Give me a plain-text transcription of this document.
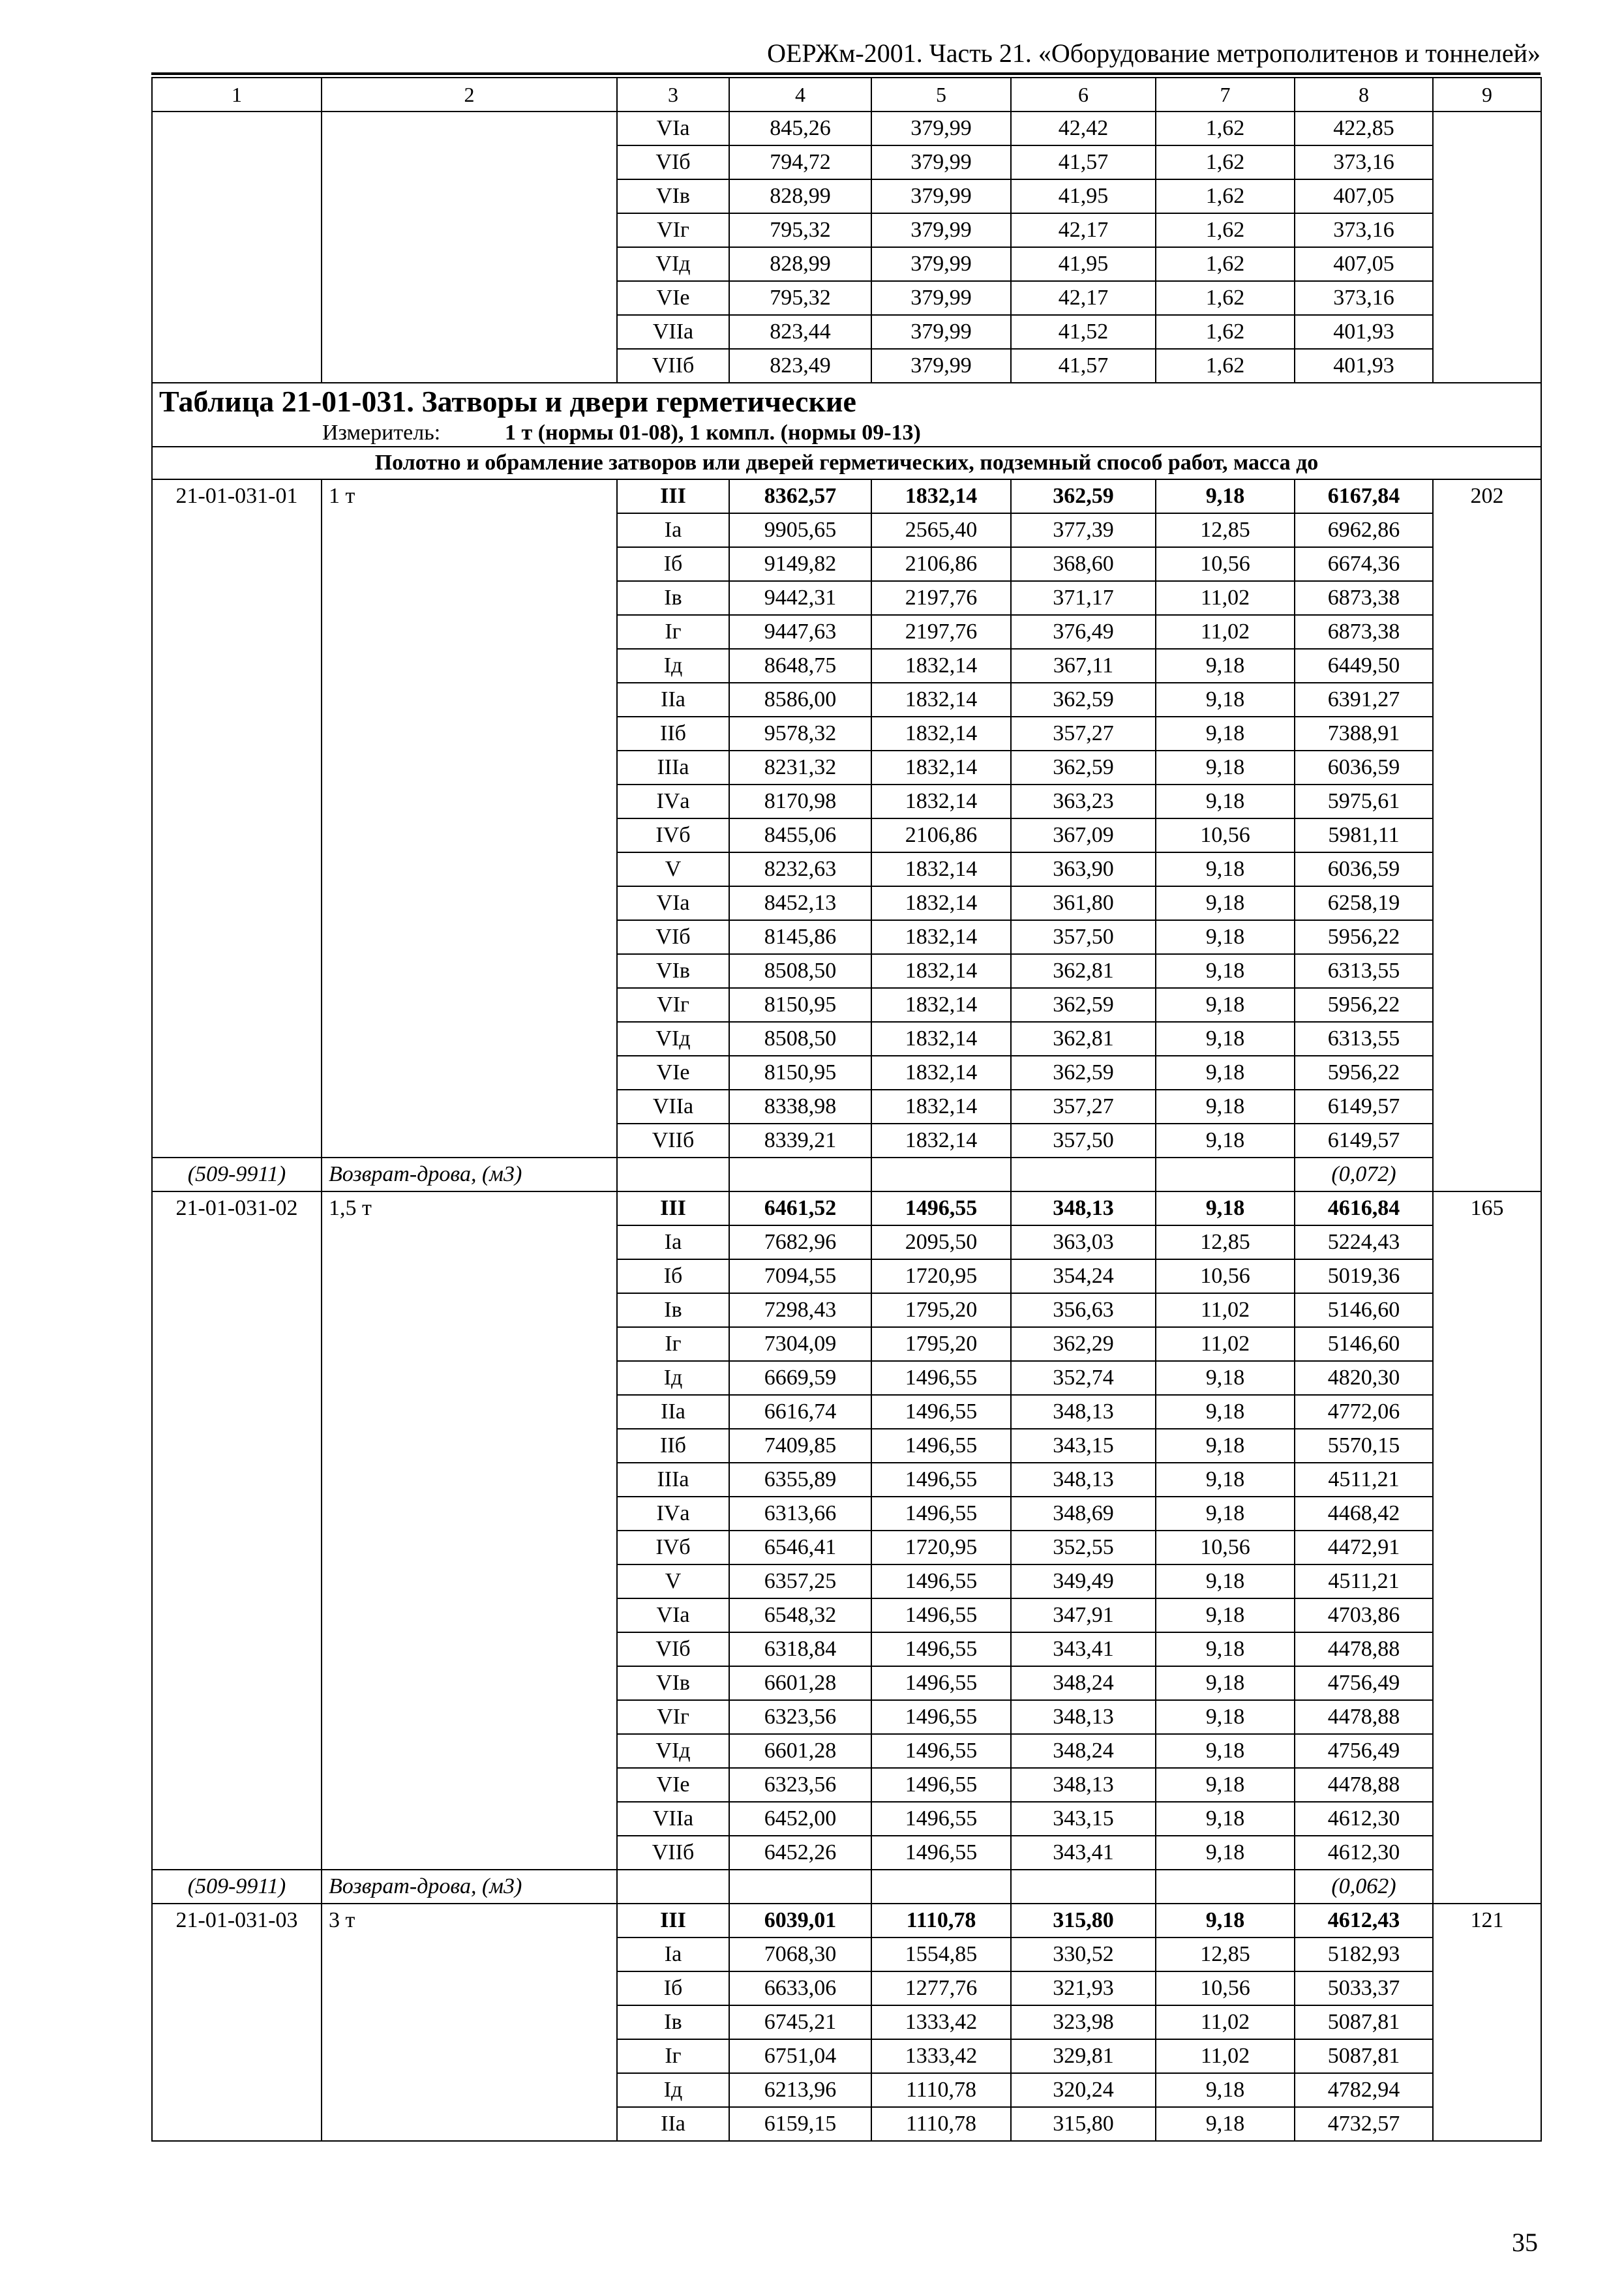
ОЕРЖм-2001. Часть 21. «Оборудование метрополитенов и тоннелей»
1	2	3	4	5	6	7	8	9
		VIа	845,26	379,99	42,42	1,62	422,85	
		VIб	794,72	379,99	41,57	1,62	373,16	
		VIв	828,99	379,99	41,95	1,62	407,05	
		VIг	795,32	379,99	42,17	1,62	373,16	
		VIд	828,99	379,99	41,95	1,62	407,05	
		VIе	795,32	379,99	42,17	1,62	373,16	
		VIIа	823,44	379,99	41,52	1,62	401,93	
		VIIб	823,49	379,99	41,57	1,62	401,93	
Таблица 21-01-031. Затворы и двери герметические								
Измеритель: 1 т (нормы 01-08), 1 компл. (нормы 09-13)								
Полотно и обрамление затворов или дверей герметических, подземный способ работ, масса до								
21-01-031-01	1 т	III	8362,57	1832,14	362,59	9,18	6167,84	202
		Iа	9905,65	2565,40	377,39	12,85	6962,86	
		Iб	9149,82	2106,86	368,60	10,56	6674,36	
		Iв	9442,31	2197,76	371,17	11,02	6873,38	
		Iг	9447,63	2197,76	376,49	11,02	6873,38	
		Iд	8648,75	1832,14	367,11	9,18	6449,50	
		IIа	8586,00	1832,14	362,59	9,18	6391,27	
		IIб	9578,32	1832,14	357,27	9,18	7388,91	
		IIIа	8231,32	1832,14	362,59	9,18	6036,59	
		IVа	8170,98	1832,14	363,23	9,18	5975,61	
		IVб	8455,06	2106,86	367,09	10,56	5981,11	
		V	8232,63	1832,14	363,90	9,18	6036,59	
		VIа	8452,13	1832,14	361,80	9,18	6258,19	
		VIб	8145,86	1832,14	357,50	9,18	5956,22	
		VIв	8508,50	1832,14	362,81	9,18	6313,55	
		VIг	8150,95	1832,14	362,59	9,18	5956,22	
		VIд	8508,50	1832,14	362,81	9,18	6313,55	
		VIе	8150,95	1832,14	362,59	9,18	5956,22	
		VIIа	8338,98	1832,14	357,27	9,18	6149,57	
		VIIб	8339,21	1832,14	357,50	9,18	6149,57	
(509-9911)	Возврат-дрова, (м3)						(0,072)	
21-01-031-02	1,5 т	III	6461,52	1496,55	348,13	9,18	4616,84	165
		Iа	7682,96	2095,50	363,03	12,85	5224,43	
		Iб	7094,55	1720,95	354,24	10,56	5019,36	
		Iв	7298,43	1795,20	356,63	11,02	5146,60	
		Iг	7304,09	1795,20	362,29	11,02	5146,60	
		Iд	6669,59	1496,55	352,74	9,18	4820,30	
		IIа	6616,74	1496,55	348,13	9,18	4772,06	
		IIб	7409,85	1496,55	343,15	9,18	5570,15	
		IIIа	6355,89	1496,55	348,13	9,18	4511,21	
		IVа	6313,66	1496,55	348,69	9,18	4468,42	
		IVб	6546,41	1720,95	352,55	10,56	4472,91	
		V	6357,25	1496,55	349,49	9,18	4511,21	
		VIа	6548,32	1496,55	347,91	9,18	4703,86	
		VIб	6318,84	1496,55	343,41	9,18	4478,88	
		VIв	6601,28	1496,55	348,24	9,18	4756,49	
		VIг	6323,56	1496,55	348,13	9,18	4478,88	
		VIд	6601,28	1496,55	348,24	9,18	4756,49	
		VIе	6323,56	1496,55	348,13	9,18	4478,88	
		VIIа	6452,00	1496,55	343,15	9,18	4612,30	
		VIIб	6452,26	1496,55	343,41	9,18	4612,30	
(509-9911)	Возврат-дрова, (м3)						(0,062)	
21-01-031-03	3 т	III	6039,01	1110,78	315,80	9,18	4612,43	121
		Iа	7068,30	1554,85	330,52	12,85	5182,93	
		Iб	6633,06	1277,76	321,93	10,56	5033,37	
		Iв	6745,21	1333,42	323,98	11,02	5087,81	
		Iг	6751,04	1333,42	329,81	11,02	5087,81	
		Iд	6213,96	1110,78	320,24	9,18	4782,94	
		IIа	6159,15	1110,78	315,80	9,18	4732,57	
35
